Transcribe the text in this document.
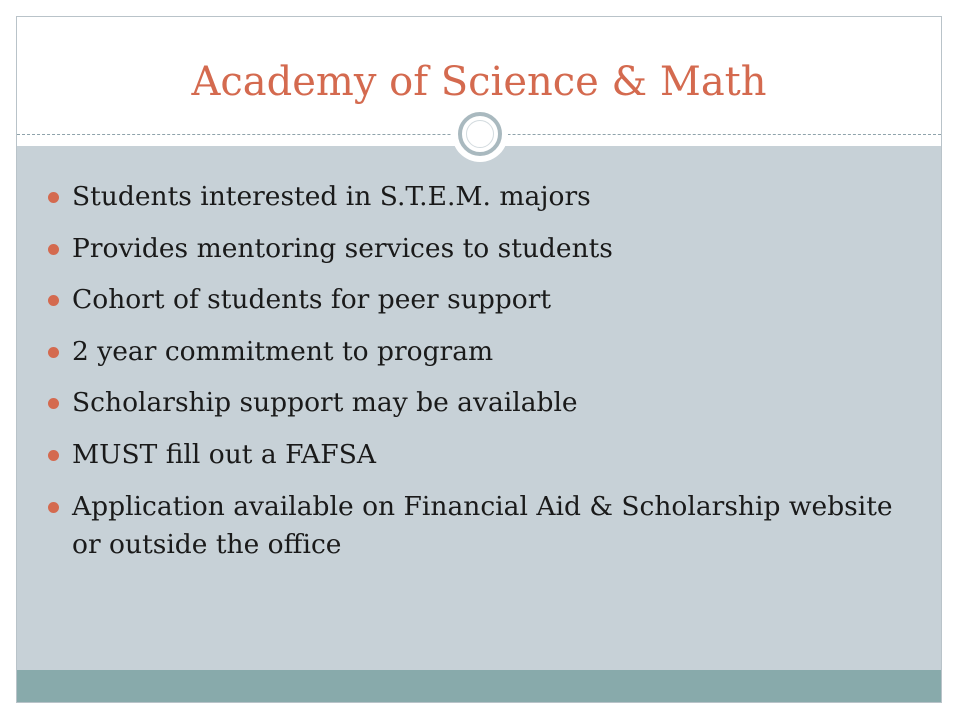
Academy of Science & Math
Students interested in S.T.E.M. majors
Provides mentoring services to students
Cohort of students for peer support
2 year commitment to program
Scholarship support may be available
MUST fill out a FAFSA
Application available on Financial Aid & Scholarship website or outside the office
